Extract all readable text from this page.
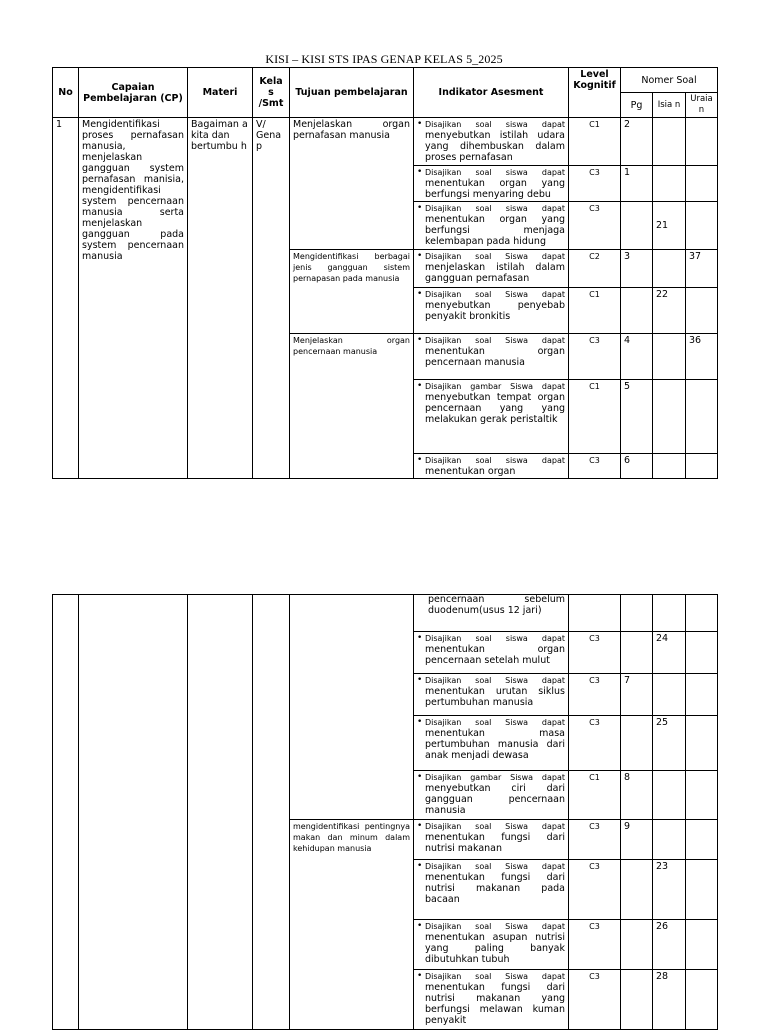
KISI – KISI STS IPAS GENAP KELAS 5_2025
No	Capaian Pembelajaran (CP)	Materi	Kela s /Smt	Tujuan pembelajaran	Indikator Asesment	Level Kognitif	Nomer Soal		
							Pg	Isia n	Uraia n
1	Mengidentifikasi proses pernafasan manusia, menjelaskan gangguan system pernafasan manisia, mengidentifikasi system pencernaan manusia serta menjelaskan gangguan pada system pencernaan manusia	Bagaiman a kita dan bertumbu h	V/ Gena p	Menjelaskan organ pernafasan manusia	• Disajikan soal siswa dapat menyebutkan istilah udara yang dihembuskan dalam proses pernafasan	C1	2		

					• Disajikan soal siswa dapat menentukan organ yang berfungsi menyaring debu	C3	1		

					• Disajikan soal siswa dapat menentukan organ yang berfungsi menjaga kelembapan pada hidung	C3		21	
				Mengidentifikasi berbagai jenis gangguan sistem pernapasan pada manusia	• Disajikan soal Siswa dapat menjelaskan istilah dalam gangguan pernafasan	C2	3		37

					• Disajikan soal Siswa dapat menyebutkan penyebab penyakit bronkitis	C1		22	
				Menjelaskan organ pencernaan manusia	• Disajikan soal Siswa dapat menentukan organ pencernaan manusia	C3	4		36

					• Disajikan gambar Siswa dapat menyebutkan tempat organ pencernaan yang yang melakukan gerak peristaltik	C1	5		

					• Disajikan soal siswa dapat menentukan organ	C3	6		
					pencernaan sebelum duodenum(usus 12 jari)				

					• Disajikan soal siswa dapat menentukan organ pencernaan setelah mulut	C3		24	

					• Disajikan soal Siswa dapat menentukan urutan siklus pertumbuhan manusia	C3	7		

					• Disajikan soal Siswa dapat menentukan masa pertumbuhan manusia dari anak menjadi dewasa	C3		25	

					• Disajikan gambar Siswa dapat menyebutkan ciri dari gangguan pencernaan manusia	C1	8		
				mengidentifikasi pentingnya makan dan minum dalam kehidupan manusia	• Disajikan soal Siswa dapat menentukan fungsi dari nutrisi makanan	C3	9		

					• Disajikan soal Siswa dapat menentukan fungsi dari nutrisi makanan pada bacaan	C3		23	

					• Disajikan soal Siswa dapat menentukan asupan nutrisi yang paling banyak dibutuhkan tubuh	C3		26	

					• Disajikan soal Siswa dapat menentukan fungsi dari nutrisi makanan yang berfungsi melawan kuman penyakit	C3		28	
